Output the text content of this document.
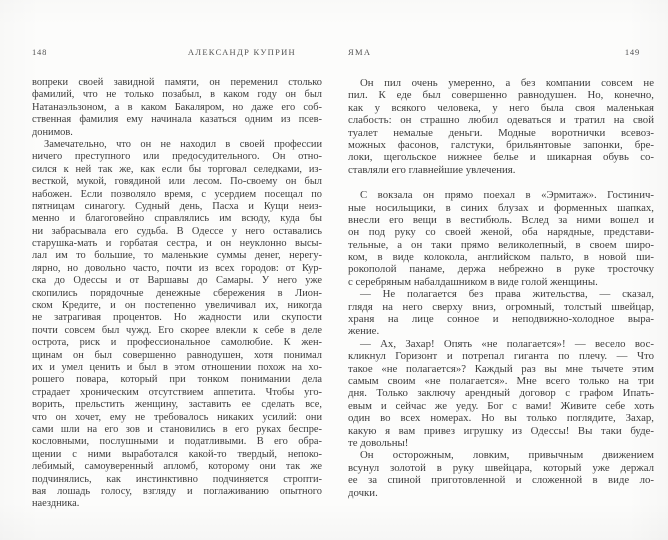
148	АЛЕКСАНДР КУПРИН
вопреки своей завидной памяти, он переменил столько
фамилий, что не только позабыл, в каком году он был
Натанаэльзоном, а в каком Бакаляром, но даже его соб-
ственная фамилия ему начинала казаться одним из псев-
донимов.
Замечательно, что он не находил в своей профессии
ничего преступного или предосудительного. Он отно-
сился к ней так же, как если бы торговал селедками, из-
весткой, мукой, говядиной или лесом. По-своему он был
набожен. Если позволяло время, с усердием посещал по
пятницам синагогу. Судный день, Пасха и Кущи неиз-
менно и благоговейно справлялись им всюду, куда бы
ни забрасывала его судьба. В Одессе у него оставались
старушка-мать и горбатая сестра, и он неуклонно высы-
лал им то большие, то маленькие суммы денег, нерегу-
лярно, но довольно часто, почти из всех городов: от Кур-
ска до Одессы и от Варшавы до Самары. У него уже
скопились порядочные денежные сбережения в Лион-
ском Кредите, и он постепенно увеличивал их, никогда
не затрагивая процентов. Но жадности или скупости
почти совсем был чужд. Его скорее влекли к себе в деле
острота, риск и профессиональное самолюбие. К жен-
щинам он был совершенно равнодушен, хотя понимал
их и умел ценить и был в этом отношении похож на хо-
рошего повара, который при тонком понимании дела
страдает хроническим отсутствием аппетита. Чтобы уго-
ворить, прельстить женщину, заставить ее сделать все,
что он хочет, ему не требовалось никаких усилий: они
сами шли на его зов и становились в его руках беспре-
кословными, послушными и податливыми. В его обра-
щении с ними выработался какой-то твердый, непоко-
лебимый, самоуверенный апломб, которому они так же
подчинялись, как инстинктивно подчиняется стропти-
вая лошадь голосу, взгляду и поглаживанию опытного
наездника.
ЯМА	149
Он пил очень умеренно, а без компании совсем не
пил. К еде был совершенно равнодушен. Но, конечно,
как у всякого человека, у него была своя маленькая
слабость: он страшно любил одеваться и тратил на свой
туалет немалые деньги. Модные воротнички всевоз-
можных фасонов, галстуки, брильянтовые запонки, бре-
локи, щегольское нижнее белье и шикарная обувь со-
ставляли его главнейшие увлечения.
С вокзала он прямо поехал в «Эрмитаж». Гостинич-
ные носильщики, в синих блузах и форменных шапках,
внесли его вещи в вестибюль. Вслед за ними вошел и
он под руку со своей женой, оба нарядные, представи-
тельные, а он таки прямо великолепный, в своем широ-
ком, в виде колокола, английском пальто, в новой ши-
рокополой панаме, держа небрежно в руке тросточку
с серебряным набалдашником в виде голой женщины.
— Не полагается без права жительства, — сказал,
глядя на него сверху вниз, огромный, толстый швейцар,
храня на лице сонное и неподвижно-холодное выра-
жение.
— Ах, Захар! Опять «не полагается»! — весело вос-
кликнул Горизонт и потрепал гиганта по плечу. — Что
такое «не полагается»? Каждый раз вы мне тычете этим
самым своим «не полагается». Мне всего только на три
дня. Только заключу арендный договор с графом Ипать-
евым и сейчас же уеду. Бог с вами! Живите себе хоть
один во всех номерах. Но вы только поглядите, Захар,
какую я вам привез игрушку из Одессы! Вы таки буде-
те довольны!
Он осторожным, ловким, привычным движением
всунул золотой в руку швейцара, который уже держал
ее за спиной приготовленной и сложенной в виде ло-
дочки.
